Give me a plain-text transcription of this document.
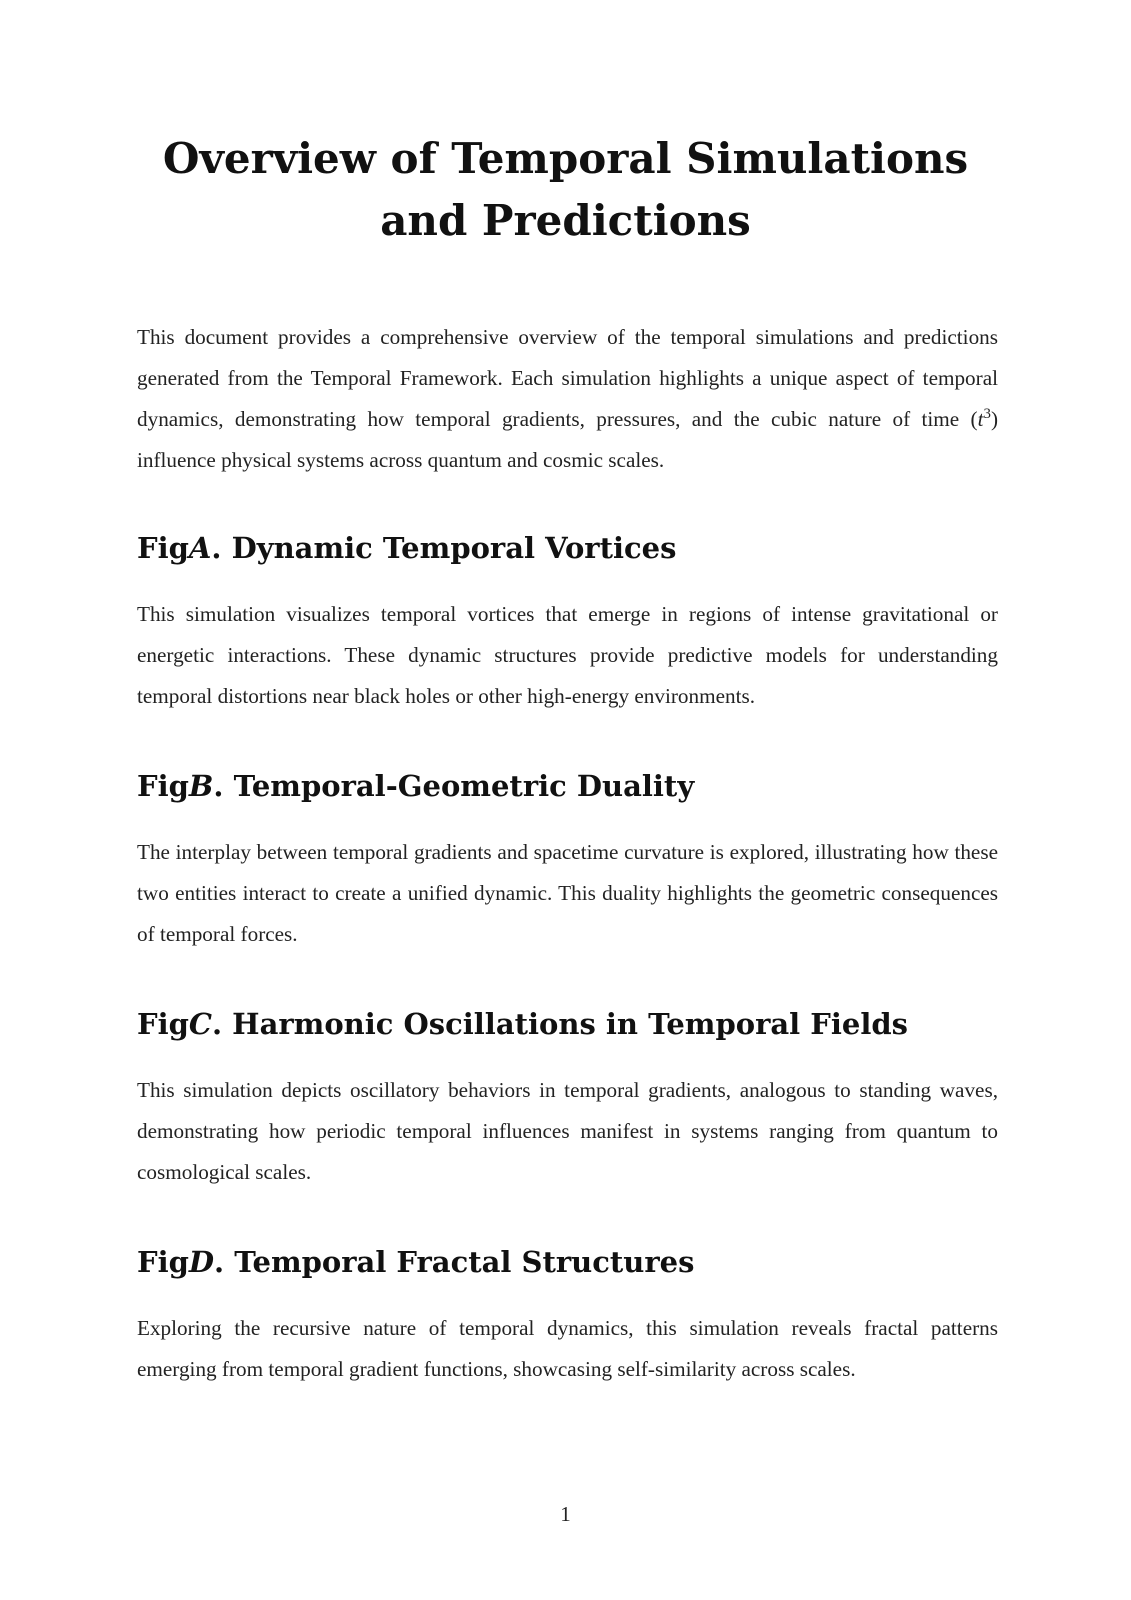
Overview of Temporal Simulations
and Predictions

This document provides a comprehensive overview of the temporal simulations and predictions generated from the Temporal Framework. Each simulation highlights a unique aspect of temporal dynamics, demonstrating how temporal gradients, pressures, and the cubic nature of time $(t^3)$ influence physical systems across quantum and cosmic scales.

FigA. Dynamic Temporal Vortices

This simulation visualizes temporal vortices that emerge in regions of intense gravitational or energetic interactions. These dynamic structures provide predictive models for understanding temporal distortions near black holes or other high-energy environments.

FigB. Temporal-Geometric Duality

The interplay between temporal gradients and spacetime curvature is explored, illustrating how these two entities interact to create a unified dynamic. This duality highlights the geometric consequences of temporal forces.

FigC. Harmonic Oscillations in Temporal Fields

This simulation depicts oscillatory behaviors in temporal gradients, analogous to standing waves, demonstrating how periodic temporal influences manifest in systems ranging from quantum to cosmological scales.

FigD. Temporal Fractal Structures

Exploring the recursive nature of temporal dynamics, this simulation reveals fractal patterns emerging from temporal gradient functions, showcasing self-similarity across scales.

1
